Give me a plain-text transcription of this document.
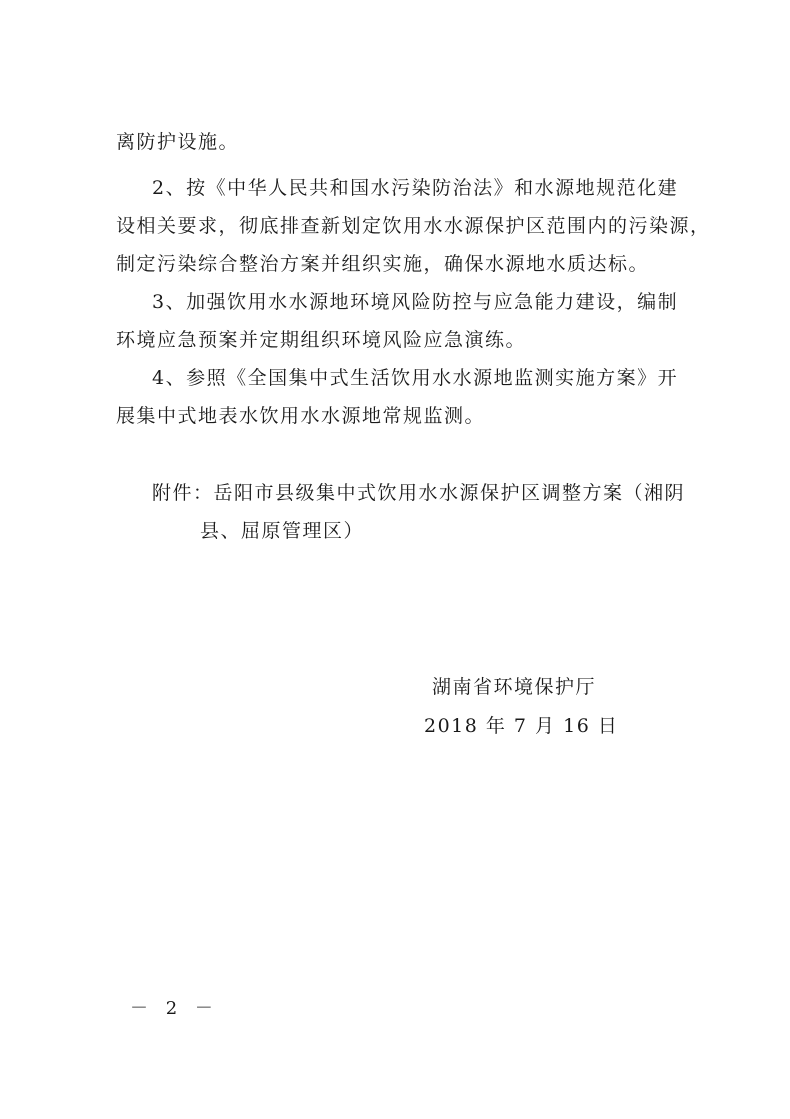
离防护设施。
2、按《中华人民共和国水污染防治法》和水源地规范化建
设相关要求，彻底排查新划定饮用水水源保护区范围内的污染源，
制定污染综合整治方案并组织实施，确保水源地水质达标。
3、加强饮用水水源地环境风险防控与应急能力建设，编制
环境应急预案并定期组织环境风险应急演练。
4、参照《全国集中式生活饮用水水源地监测实施方案》开
展集中式地表水饮用水水源地常规监测。
附件：岳阳市县级集中式饮用水水源保护区调整方案（湘阴
县、屈原管理区）
湖南省环境保护厅
2018 年 7 月 16 日
－ 2 －
